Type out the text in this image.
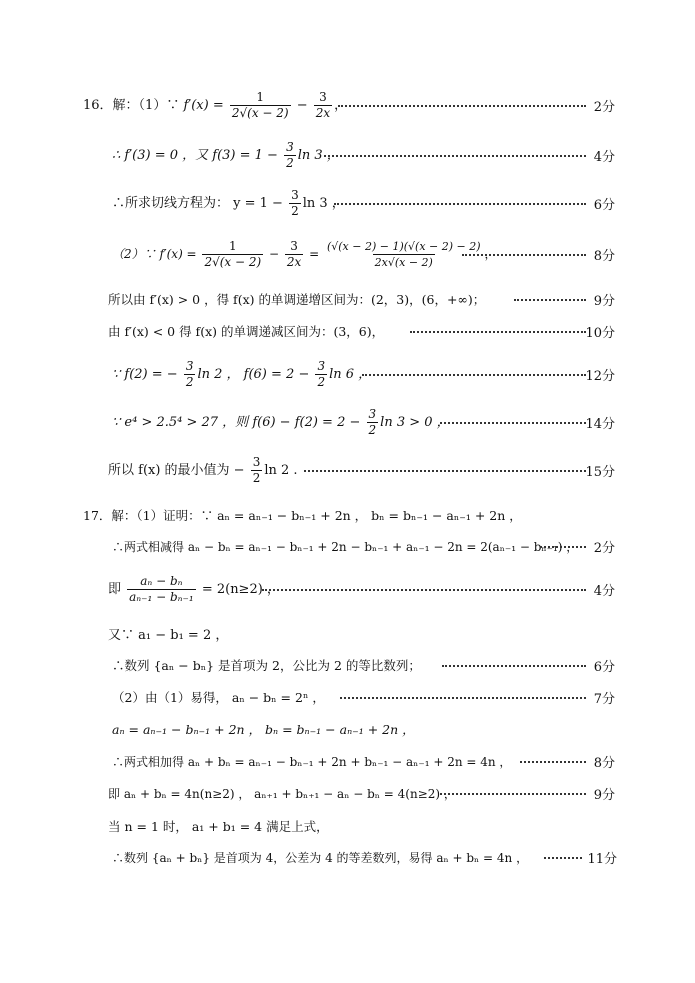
16．解：（1）∵ $f'(x) = \frac{1}{2√(x - 2)} - \frac{3}{2x}$ ，	2分
∴ f′(3) = 0 ，又 $f(3) = 1 - \frac{3}{2}$ ln 3 ，	4分
∴所求切线方程为： $y = 1 - \frac{3}{2}$ ln 3 ，	6分
（2）∵ $f'(x) = \frac{1}{2√(x - 2)} - \frac{3}{2x} = \frac{(√(x - 2) - 1)(√(x - 2) - 2)}{2x√(x - 2)}$ ，	8分
所以由 f′(x) > 0 ，得 f(x) 的单调递增区间为：(2，3)，(6，+∞)；	9分
由 f′(x) < 0 得 f(x) 的单调递减区间为：(3，6)，	10分
∵ f(2) = − $\frac{3}{2}$ ln 2 ， $f(6) = 2 - \frac{3}{2}$ ln 6 ，	12分
∵ e⁴ > 2.5⁴ > 27 ，则 $f(6) - f(2) = 2 - \frac{3}{2}$ ln 3 > 0 ，	14分
所以 f(x) 的最小值为 − $\frac{3}{2}$ ln 2 .	15分
17．解：（1）证明：∵ aₙ = aₙ₋₁ − bₙ₋₁ + 2n ， bₙ = bₙ₋₁ − aₙ₋₁ + 2n ，
∴两式相减得 aₙ − bₙ = aₙ₋₁ − bₙ₋₁ + 2n − bₙ₋₁ + aₙ₋₁ − 2n = 2(aₙ₋₁ − bₙ₋₁) ，	2分
即 $\frac{\text{aₙ − bₙ}}{\text{aₙ₋₁ − bₙ₋₁}} = 2(n\ge 2)$ ，	4分
又∵ a₁ − b₁ = 2 ，
∴数列 {aₙ − bₙ} 是首项为 2，公比为 2 的等比数列；	6分
（2）由（1）易得， aₙ − bₙ = 2ⁿ ，	7分
aₙ = aₙ₋₁ − bₙ₋₁ + 2n ， bₙ = bₙ₋₁ − aₙ₋₁ + 2n ，
∴两式相加得 aₙ + bₙ = aₙ₋₁ − bₙ₋₁ + 2n + bₙ₋₁ − aₙ₋₁ + 2n = 4n ，	8分
即 aₙ + bₙ = 4n(n≥2) ， aₙ₊₁ + bₙ₊₁ − aₙ − bₙ = 4(n≥2) ，	9分
当 n = 1 时， a₁ + b₁ = 4 满足上式，
∴数列 {aₙ + bₙ} 是首项为 4，公差为 4 的等差数列，易得 aₙ + bₙ = 4n ，	11分
